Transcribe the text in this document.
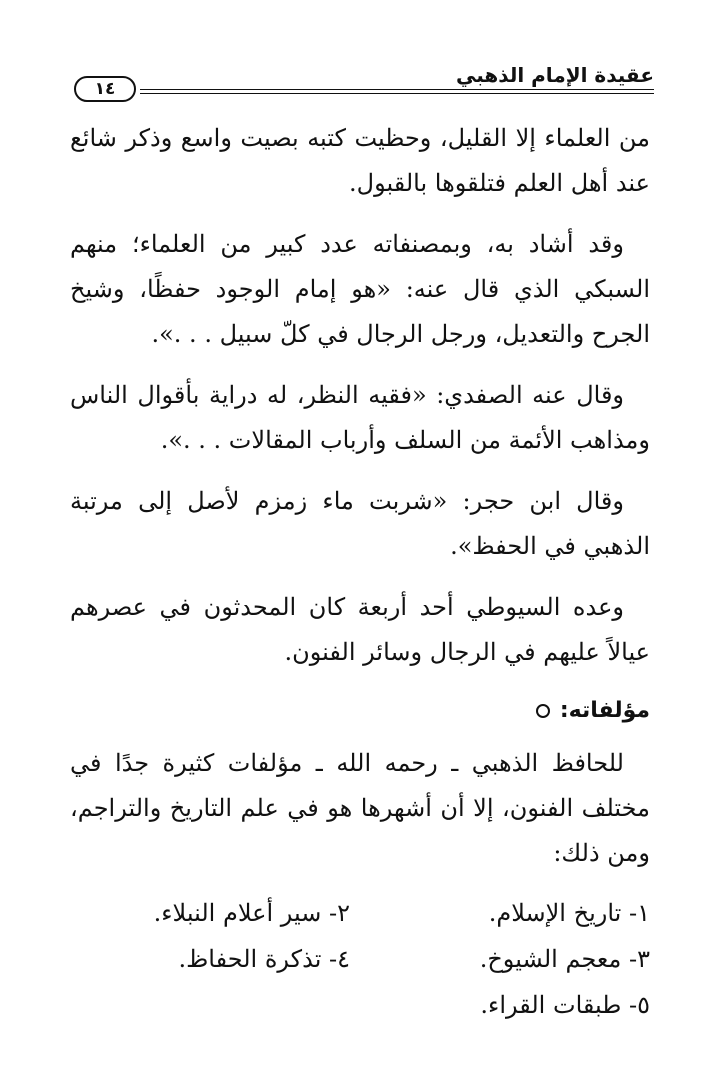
عقيدة الإمام الذهبي
١٤

من العلماء إلا القليل، وحظيت كتبه بصيت واسع وذكر شائع عند أهل العلم فتلقوها بالقبول.

وقد أشاد به، وبمصنفاته عدد كبير من العلماء؛ منهم السبكي الذي قال عنه: «هو إمام الوجود حفظًا، وشيخ الجرح والتعديل، ورجل الرجال في كلّ سبيل . . .».

وقال عنه الصفدي: «فقيه النظر، له دراية بأقوال الناس ومذاهب الأئمة من السلف وأرباب المقالات . . .».

وقال ابن حجر: «شربت ماء زمزم لأصل إلى مرتبة الذهبي في الحفظ».

وعده السيوطي أحد أربعة كان المحدثون في عصرهم عيالاً عليهم في الرجال وسائر الفنون.

مؤلفاته:

للحافظ الذهبي ـ رحمه الله ـ مؤلفات كثيرة جدًا في مختلف الفنون، إلا أن أشهرها هو في علم التاريخ والتراجم، ومن ذلك:

١- تاريخ الإسلام.
٢- سير أعلام النبلاء.
٣- معجم الشيوخ.
٤- تذكرة الحفاظ.
٥- طبقات القراء.
